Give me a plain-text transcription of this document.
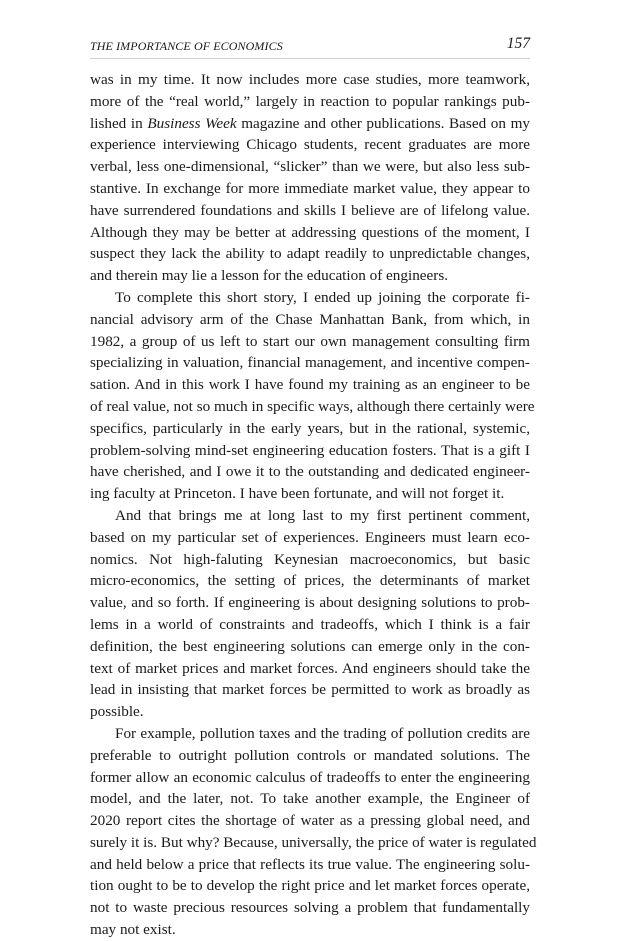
THE IMPORTANCE OF ECONOMICS	157
was in my time. It now includes more case studies, more teamwork,
more of the “real world,” largely in reaction to popular rankings pub-
lished in Business Week magazine and other publications. Based on my
experience interviewing Chicago students, recent graduates are more
verbal, less one-dimensional, “slicker” than we were, but also less sub-
stantive. In exchange for more immediate market value, they appear to
have surrendered foundations and skills I believe are of lifelong value.
Although they may be better at addressing questions of the moment, I
suspect they lack the ability to adapt readily to unpredictable changes,
and therein may lie a lesson for the education of engineers.
To complete this short story, I ended up joining the corporate fi-
nancial advisory arm of the Chase Manhattan Bank, from which, in
1982, a group of us left to start our own management consulting firm
specializing in valuation, financial management, and incentive compen-
sation. And in this work I have found my training as an engineer to be
of real value, not so much in specific ways, although there certainly were
specifics, particularly in the early years, but in the rational, systemic,
problem-solving mind-set engineering education fosters. That is a gift I
have cherished, and I owe it to the outstanding and dedicated engineer-
ing faculty at Princeton. I have been fortunate, and will not forget it.
And that brings me at long last to my first pertinent comment,
based on my particular set of experiences. Engineers must learn eco-
nomics. Not high-faluting Keynesian macroeconomics, but basic
micro-economics, the setting of prices, the determinants of market
value, and so forth. If engineering is about designing solutions to prob-
lems in a world of constraints and tradeoffs, which I think is a fair
definition, the best engineering solutions can emerge only in the con-
text of market prices and market forces. And engineers should take the
lead in insisting that market forces be permitted to work as broadly as
possible.
For example, pollution taxes and the trading of pollution credits are
preferable to outright pollution controls or mandated solutions. The
former allow an economic calculus of tradeoffs to enter the engineering
model, and the later, not. To take another example, the Engineer of
2020 report cites the shortage of water as a pressing global need, and
surely it is. But why? Because, universally, the price of water is regulated
and held below a price that reflects its true value. The engineering solu-
tion ought to be to develop the right price and let market forces operate,
not to waste precious resources solving a problem that fundamentally
may not exist.
